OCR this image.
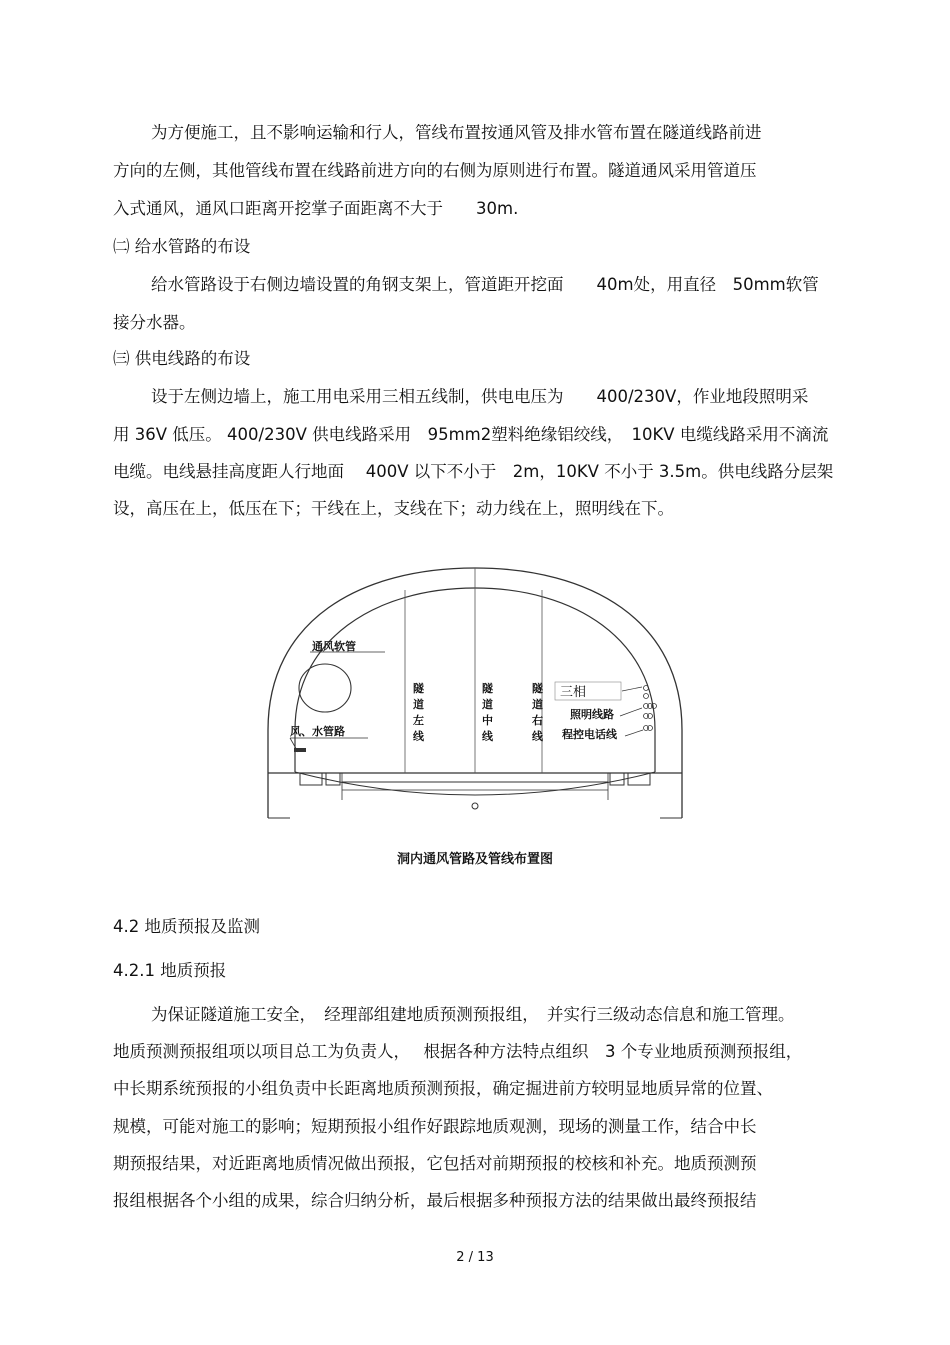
为方便施工，且不影响运输和行人，管线布置按通风管及排水管布置在隧道线路前进
方向的左侧，其他管线布置在线路前进方向的右侧为原则进行布置。隧道通风采用管道压
入式通风，通风口距离开挖掌子面距离不大于　　30m.
㈡ 给水管路的布设
给水管路设于右侧边墙设置的角钢支架上，管道距开挖面　　40m处，用直径　50mm软管
接分水器。
㈢ 供电线路的布设
设于左侧边墙上，施工用电采用三相五线制，供电电压为　　400/230V，作业地段照明采
用 36V 低压。 400/230V 供电线路采用　95mm2塑料绝缘铝绞线，　10KV 电缆线路采用不滴流
电缆。电线悬挂高度距人行地面　 400V 以下不小于　2m，10KV 不小于 3.5m。供电线路分层架
设，高压在上，低压在下；干线在上，支线在下；动力线在上，照明线在下。
通风软管
风、水管路
隧道左线
隧道中线
隧道右线
三相
照明线路
程控电话线
洞内通风管路及管线布置图
4.2 地质预报及监测
4.2.1 地质预报
为保证隧道施工安全，　经理部组建地质预测预报组，　并实行三级动态信息和施工管理。
地质预测预报组项以项目总工为负责人，　 根据各种方法特点组织　3 个专业地质预测预报组，
中长期系统预报的小组负责中长距离地质预测预报，确定掘进前方较明显地质异常的位置、
规模，可能对施工的影响；短期预报小组作好跟踪地质观测，现场的测量工作，结合中长
期预报结果，对近距离地质情况做出预报，它包括对前期预报的校核和补充。地质预测预
报组根据各个小组的成果，综合归纳分析，最后根据多种预报方法的结果做出最终预报结
2 / 13
